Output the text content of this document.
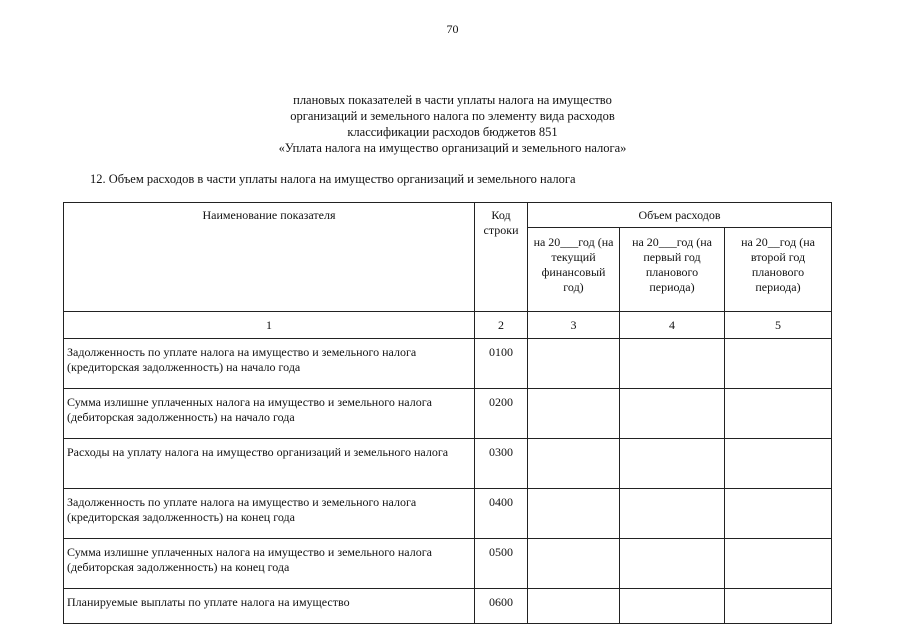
70
плановых показателей в части уплаты налога на имущество
организаций и земельного налога по элементу вида расходов
классификации расходов бюджетов 851
«Уплата налога на имущество организаций и земельного налога»
12. Объем расходов в части уплаты налога на имущество организаций и земельного налога
Наименование показателя	Код строки	Объем расходов		
		на 20___год (на текущий финансовый год)	на 20___год (на первый год планового периода)	на 20__год (на второй год планового периода)
1	2	3	4	5
Задолженность по уплате налога на имущество и земельного налога (кредиторская задолженность) на начало года	0100			
Сумма излишне уплаченных налога на имущество и земельного налога (дебиторская задолженность) на начало года	0200			
Расходы на уплату налога на имущество организаций и земельного налога	0300			
Задолженность по уплате налога на имущество и земельного налога (кредиторская задолженность) на конец года	0400			
Сумма излишне уплаченных налога на имущество и земельного налога (дебиторская задолженность) на конец года	0500			
Планируемые выплаты по уплате налога на имущество	0600			
